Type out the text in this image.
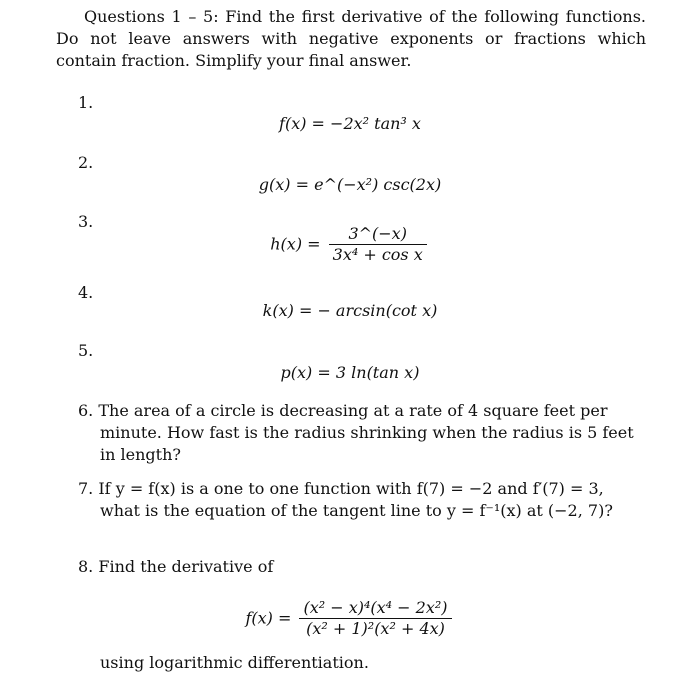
Questions 1 – 5: Find the first derivative of the following functions. Do not leave answers with negative exponents or fractions which contain fraction. Simplify your final answer.
1.
f(x) = −2x² tan³ x
2.
g(x) = e^(−x²) csc(2x)
3.
$h(x) = \frac{3\^{}(-x)}{\text{3x⁴ + cos x}}$
4.
k(x) = − arcsin(cot x)
5.
p(x) = 3 ln(tan x)
6. The area of a circle is decreasing at a rate of 4 square feet per minute. How fast is the radius shrinking when the radius is 5 feet in length?
7. If y = f(x) is a one to one function with f(7) = −2 and f′(7) = 3, what is the equation of the tangent line to y = f⁻¹(x) at (−2, 7)?
8. Find the derivative of
$f(x) = \frac{\text{(x² − x)⁴(x⁴ − 2x²)}}{\text{(x² + 1)²(x² + 4x)}}$
using logarithmic differentiation.
